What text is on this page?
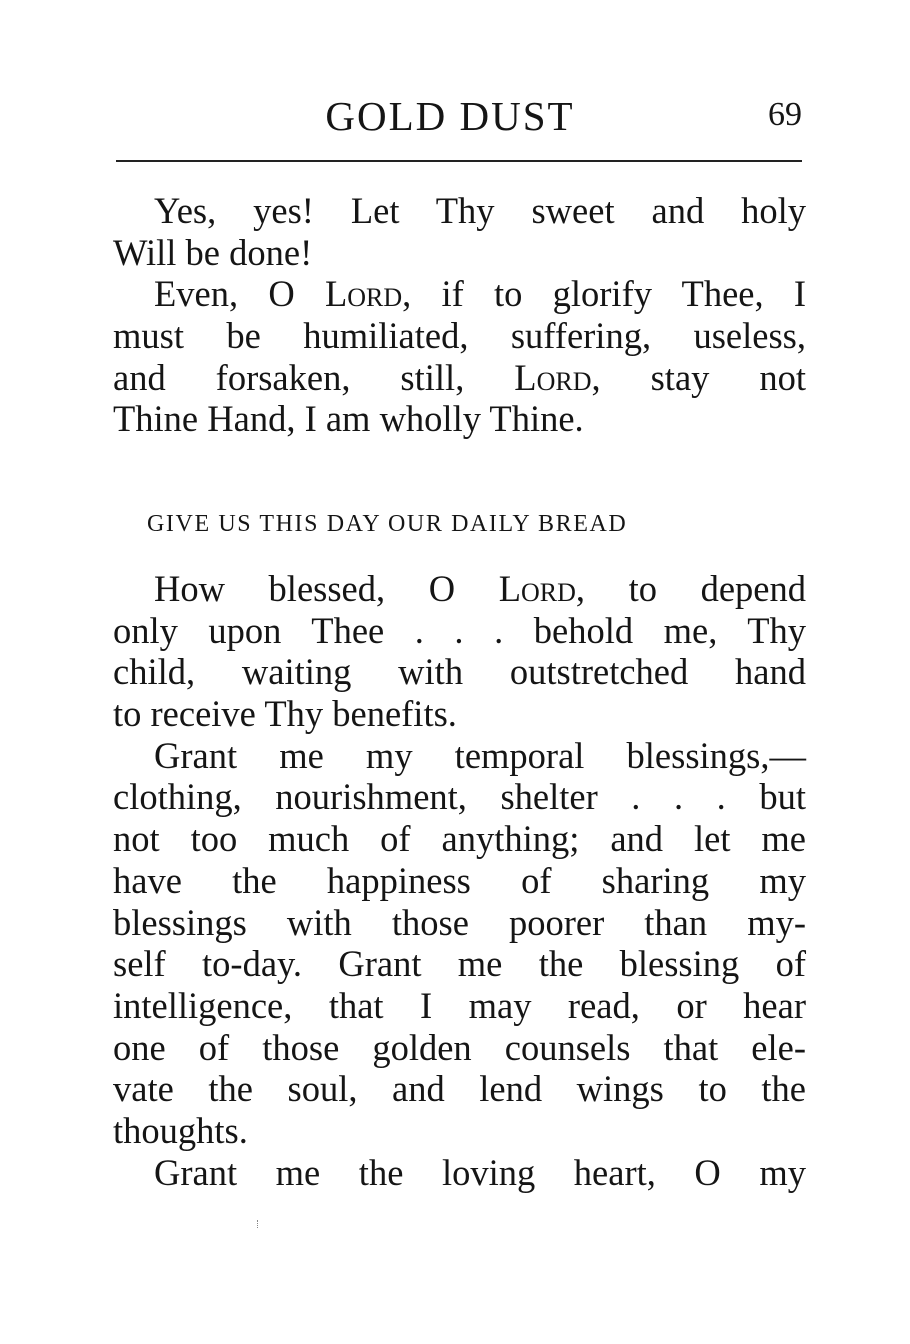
GOLD DUST	69
Yes, yes! Let Thy sweet and holy
Will be done!
Even, O Lord, if to glorify Thee, I
must be humiliated, suffering, useless,
and forsaken, still, Lord, stay not
Thine Hand, I am wholly Thine.
GIVE US THIS DAY OUR DAILY BREAD
How blessed, O Lord, to depend
only upon Thee . . . behold me, Thy
child, waiting with outstretched hand
to receive Thy benefits.
Grant me my temporal blessings,—
clothing, nourishment, shelter . . . but
not too much of anything; and let me
have the happiness of sharing my
blessings with those poorer than my-
self to-day. Grant me the blessing of
intelligence, that I may read, or hear
one of those golden counsels that ele-
vate the soul, and lend wings to the
thoughts.
Grant me the loving heart, O my
